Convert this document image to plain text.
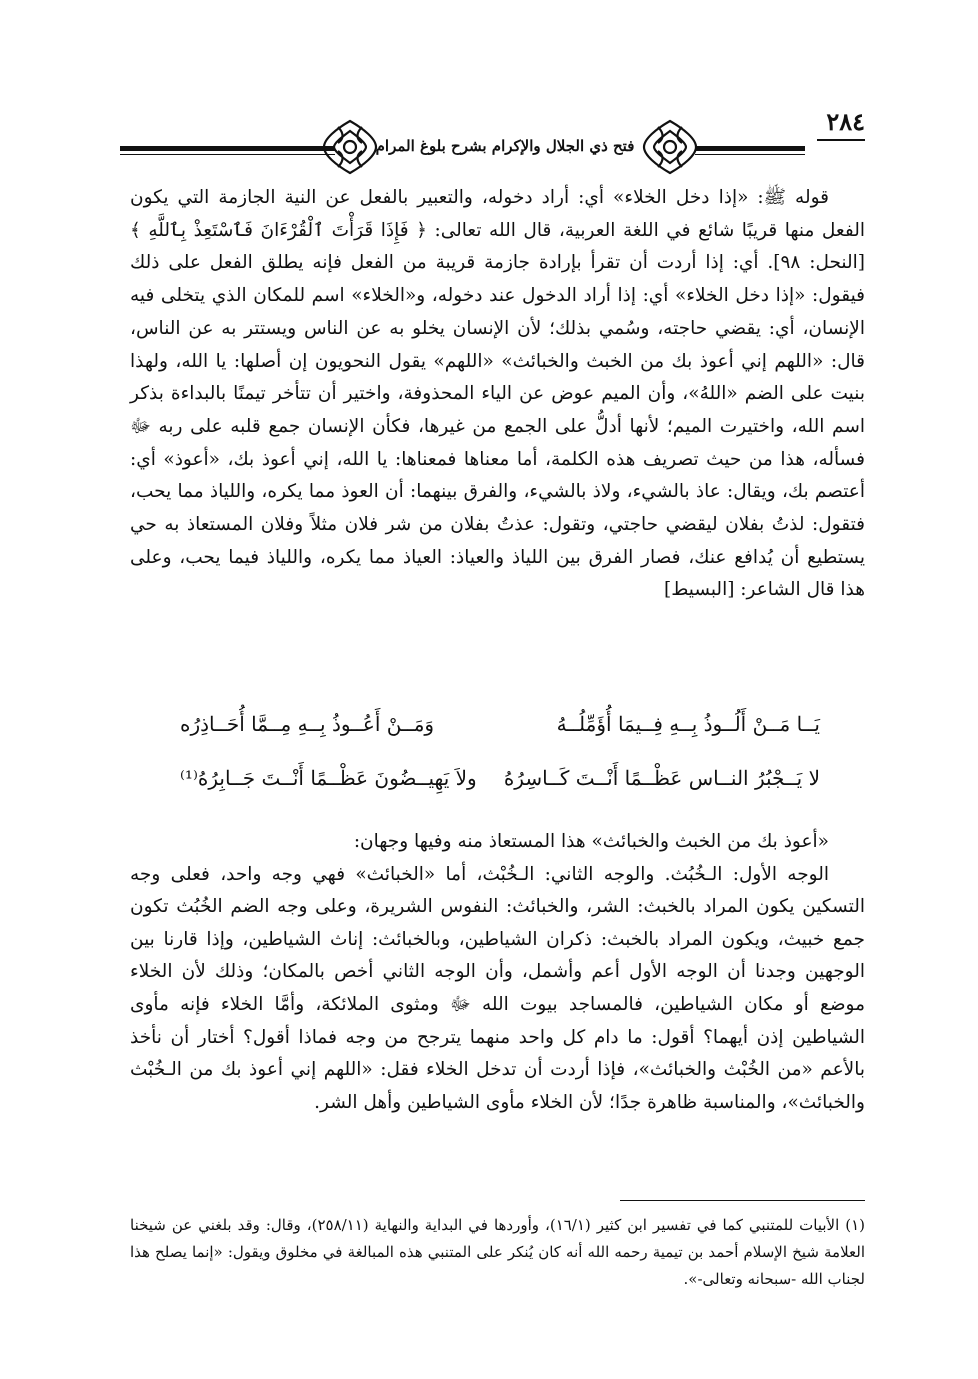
فتح ذي الجلال والإكرام بشرح بلوغ المرام
٢٨٤

قوله ﷺ: «إذا دخل الخلاء» أي: أراد دخوله، والتعبير بالفعل عن النية الجازمة التي يكون الفعل منها قريبًا شائع في اللغة العربية، قال الله تعالى: ﴿ فَإِذَا قَرَأْتَ ٱلْقُرْءَانَ فَٱسْتَعِذْ بِٱللَّهِ ﴾ [النحل: ٩٨]. أي: إذا أردت أن تقرأ بإرادة جازمة قريبة من الفعل فإنه يطلق الفعل على ذلك فيقول: «إذا دخل الخلاء» أي: إذا أراد الدخول عند دخوله، و«الخلاء» اسم للمكان الذي يتخلى فيه الإنسان، أي: يقضي حاجته، وسُمي بذلك؛ لأن الإنسان يخلو به عن الناس ويستتر به عن الناس، قال: «اللهم إني أعوذ بك من الخبث والخبائث» «اللهم» يقول النحويون إن أصلها: يا الله، ولهذا بنيت على الضم «اللهُ»، وأن الميم عوض عن الياء المحذوفة، واختير أن تتأخر تيمنًا بالبداءة بذكر اسم الله، واختيرت الميم؛ لأنها أدلُّ على الجمع من غيرها، فكأن الإنسان جمع قلبه على ربه ﷻ فسأله، هذا من حيث تصريف هذه الكلمة، أما معناها فمعناها: يا الله، إني أعوذ بك، «أعوذ» أي: أعتصم بك، ويقال: عاذ بالشيء، ولاذ بالشيء، والفرق بينهما: أن العوذ مما يكره، واللياذ مما يحب، فتقول: لذتُ بفلان ليقضي حاجتي، وتقول: عذتُ بفلان من شر فلان مثلاً وفلان المستعاذ به حي يستطيع أن يُدافع عنك، فصار الفرق بين اللياذ والعياذ: العياذ مما يكره، واللياذ فيما يحب، وعلى هذا قال الشاعر: [البسيط]

يَــا مَــنْ أَلُــوذُ بِــهِ فِــيمَا أُؤَمِّلُــهُ
وَمَــنْ أَعُــوذُ بِــهِ مِــمَّا أُحَــاذِرُه
لا يَــجْبُرُ النــاس عَظْــمًا أَنْــتَ كَــاسِرُهُ
ولاَ يَهِيــضُونَ عَظْــمًا أَنْــتَ جَــابِرُهُ⁽¹⁾

«أعوذ بك من الخبث والخبائث» هذا المستعاذ منه وفيها وجهان:

الوجه الأول: الـخُبُث. والوجه الثاني: الـخُبْث، أما «الخبائث» فهي وجه واحد، فعلى وجه التسكين يكون المراد بالخبث: الشر، والخبائث: النفوس الشريرة، وعلى وجه الضم الخُبُث تكون جمع خبيث، ويكون المراد بالخبث: ذكران الشياطين، وبالخبائث: إناث الشياطين، وإذا قارنا بين الوجهين وجدنا أن الوجه الأول أعم وأشمل، وأن الوجه الثاني أخص بالمكان؛ وذلك لأن الخلاء موضع أو مكان الشياطين، فالمساجد بيوت الله ﷻ ومثوى الملائكة، وأمَّا الخلاء فإنه مأوى الشياطين إذن أيهما؟ أقول: ما دام كل واحد منهما يترجح من وجه فماذا أقول؟ أختار أن نأخذ بالأعم «من الخُبْث والخبائث»، فإذا أردت أن تدخل الخلاء فقل: «اللهم إني أعوذ بك من الـخُبْث والخبائث»، والمناسبة ظاهرة جدًا؛ لأن الخلاء مأوى الشياطين وأهل الشر.

(١) الأبيات للمتنبي كما في تفسير ابن كثير (١٦/١)، وأوردها في البداية والنهاية (٢٥٨/١١)، وقال: وقد بلغني عن شيخنا العلامة شيخ الإسلام أحمد بن تيمية رحمه الله أنه كان يُنكر على المتنبي هذه المبالغة في مخلوق ويقول: «إنما يصلح هذا لجناب الله -سبحانه وتعالى-».
